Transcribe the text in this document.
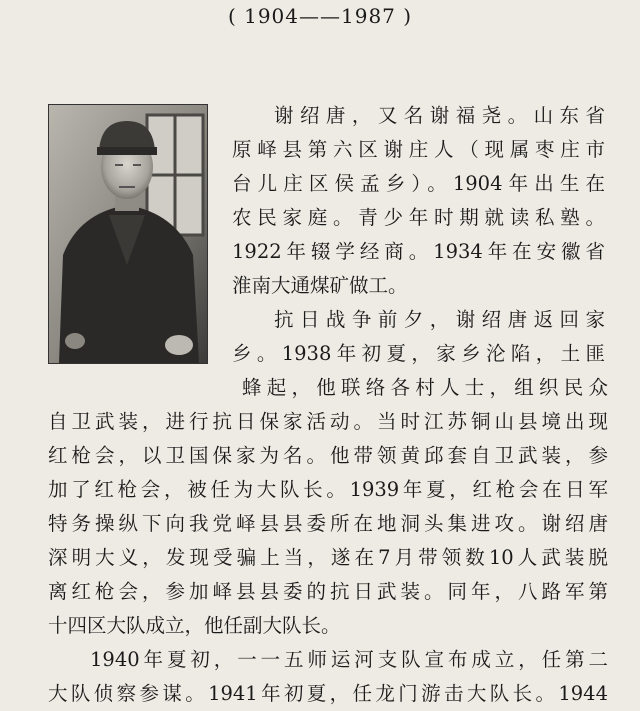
( 1904——1987 )
谢绍唐，又名谢福尧。山东省
原峄县第六区谢庄人（现属枣庄市
台儿庄区侯孟乡）。1904年出生在
农民家庭。青少年时期就读私塾。
1922年辍学经商。1934年在安徽省
淮南大通煤矿做工。
抗日战争前夕，谢绍唐返回家
乡。1938年初夏，家乡沦陷，土匪
蜂起，他联络各村人士，组织民众
自卫武装，进行抗日保家活动。当时江苏铜山县境出现
红枪会，以卫国保家为名。他带领黄邱套自卫武装，参
加了红枪会，被任为大队长。1939年夏，红枪会在日军
特务操纵下向我党峄县县委所在地洞头集进攻。谢绍唐
深明大义，发现受骗上当，遂在7月带领数10人武装脱
离红枪会，参加峄县县委的抗日武装。同年，八路军第
十四区大队成立，他任副大队长。
1940年夏初，一一五师运河支队宣布成立，任第二
大队侦察参谋。1941年初夏，任龙门游击大队长。1944
